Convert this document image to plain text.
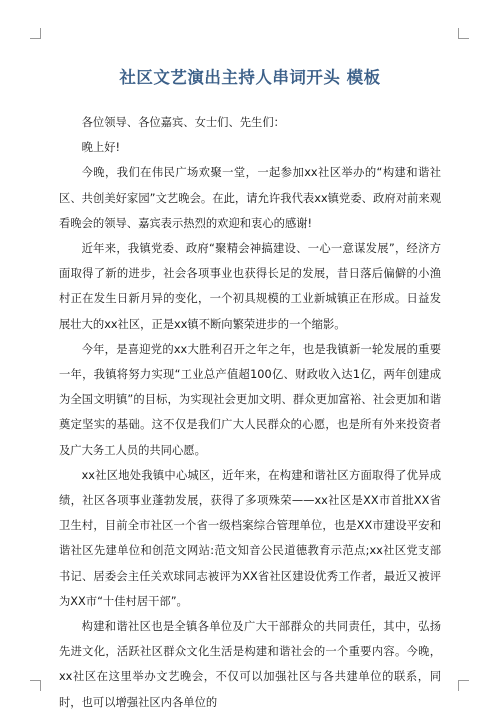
社区文艺演出主持人串词开头 模板

各位领导、各位嘉宾、女士们、先生们：

晚上好!

今晚，我们在伟民广场欢聚一堂，一起参加xx社区举办的“构建和谐社区、共创美好家园”文艺晚会。在此，请允许我代表xx镇党委、政府对前来观看晚会的领导、嘉宾表示热烈的欢迎和衷心的感谢!

近年来，我镇党委、政府“聚精会神搞建设、一心一意谋发展”，经济方面取得了新的进步，社会各项事业也获得长足的发展，昔日落后偏僻的小渔村正在发生日新月异的变化，一个初具规模的工业新城镇正在形成。日益发展壮大的xx社区，正是xx镇不断向繁荣进步的一个缩影。

今年，是喜迎党的xx大胜利召开之年之年，也是我镇新一轮发展的重要一年，我镇将努力实现“工业总产值超100亿、财政收入达1亿，两年创建成为全国文明镇”的目标，为实现社会更加文明、群众更加富裕、社会更加和谐奠定坚实的基础。这不仅是我们广大人民群众的心愿，也是所有外来投资者及广大务工人员的共同心愿。

xx社区地处我镇中心城区，近年来，在构建和谐社区方面取得了优异成绩，社区各项事业蓬勃发展，获得了多项殊荣——xx社区是XX市首批XX省卫生村，目前全市社区一个省一级档案综合管理单位，也是XX市建设平安和谐社区先建单位和创范文网站:范文知音公民道德教育示范点;xx社区党支部书记、居委会主任关欢球同志被评为XX省社区建设优秀工作者，最近又被评为XX市“十佳村居干部”。

构建和谐社区也是全镇各单位及广大干部群众的共同责任，其中，弘扬先进文化，活跃社区群众文化生活是构建和谐社会的一个重要内容。今晚，xx社区在这里举办文艺晚会，不仅可以加强社区与各共建单位的联系，同时，也可以增强社区内各单位的
